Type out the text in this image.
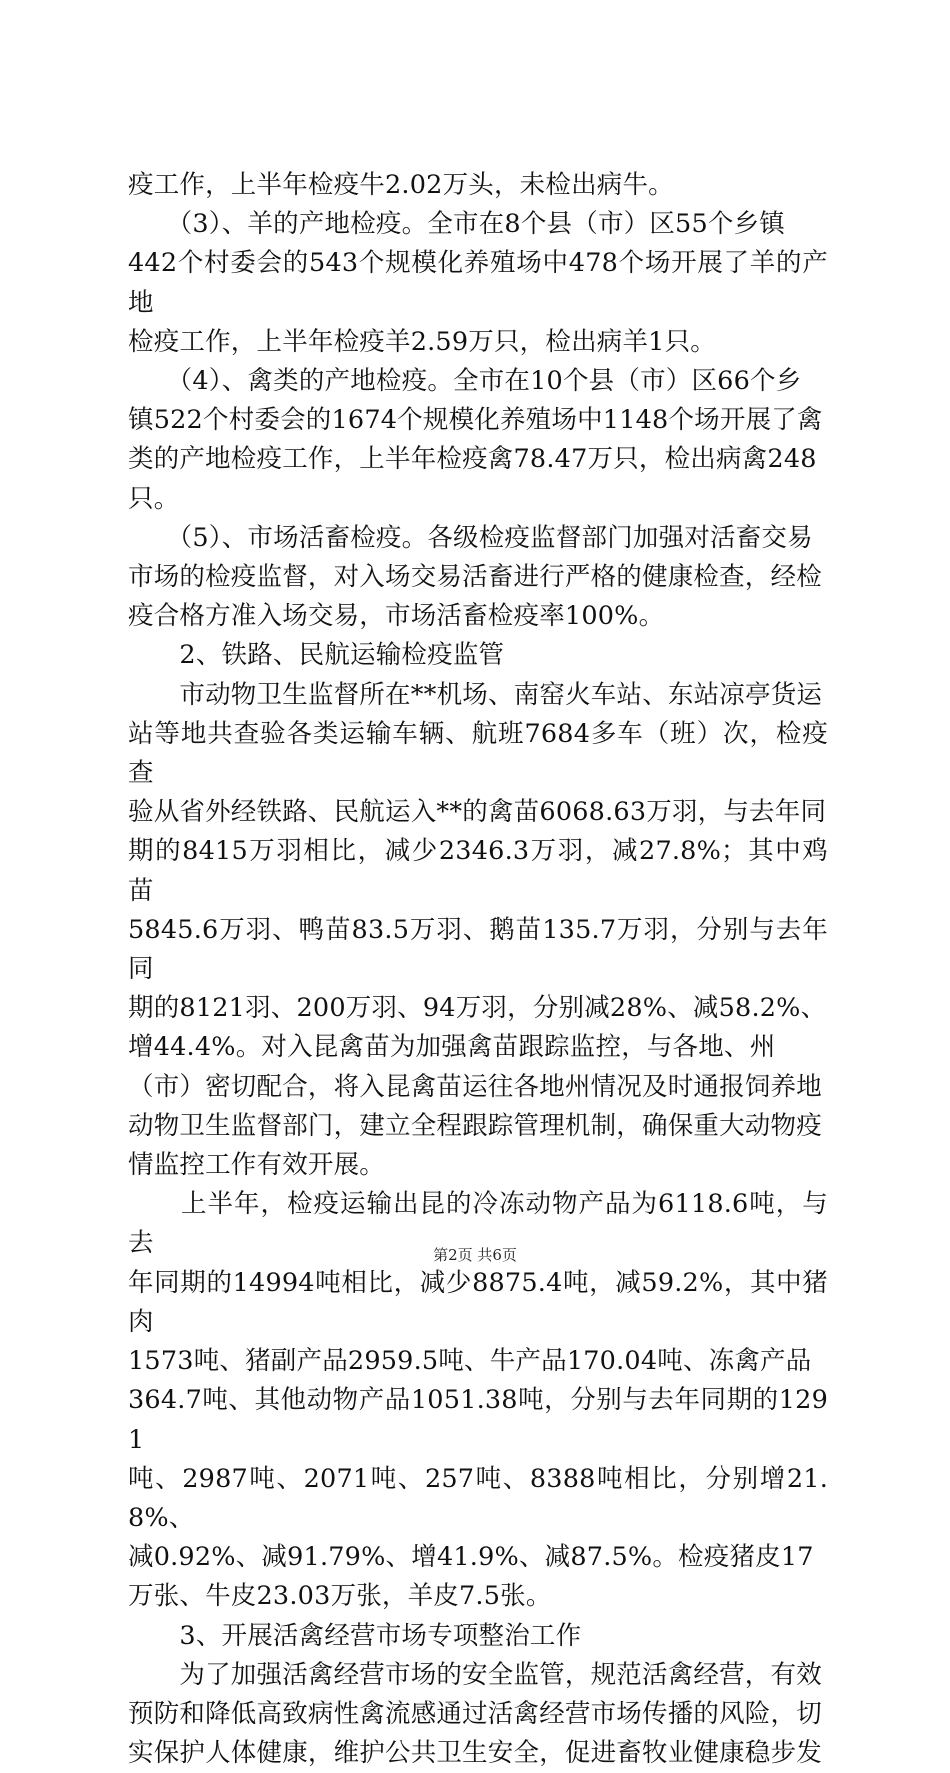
疫工作，上半年检疫牛2.02万头，未检出病牛。

　　（3）、羊的产地检疫。全市在8个县（市）区55个乡镇

442个村委会的543个规模化养殖场中478个场开展了羊的产地

检疫工作，上半年检疫羊2.59万只，检出病羊1只。

　　（4）、禽类的产地检疫。全市在10个县（市）区66个乡

镇522个村委会的1674个规模化养殖场中1148个场开展了禽

类的产地检疫工作，上半年检疫禽78.47万只，检出病禽248

只。

　　（5）、市场活畜检疫。各级检疫监督部门加强对活畜交易

市场的检疫监督，对入场交易活畜进行严格的健康检查，经检

疫合格方准入场交易，市场活畜检疫率100%。

　　2、铁路、民航运输检疫监管

　　市动物卫生监督所在**机场、南窑火车站、东站凉亭货运

站等地共查验各类运输车辆、航班7684多车（班）次，检疫查

验从省外经铁路、民航运入**的禽苗6068.63万羽，与去年同

期的8415万羽相比，减少2346.3万羽，减27.8%；其中鸡苗

5845.6万羽、鸭苗83.5万羽、鹅苗135.7万羽，分别与去年同

期的8121羽、200万羽、94万羽，分别减28%、减58.2%、

增44.4%。对入昆禽苗为加强禽苗跟踪监控，与各地、州

（市）密切配合，将入昆禽苗运往各地州情况及时通报饲养地

动物卫生监督部门，建立全程跟踪管理机制，确保重大动物疫

情监控工作有效开展。

　　上半年，检疫运输出昆的冷冻动物产品为6118.6吨，与去

年同期的14994吨相比，减少8875.4吨，减59.2%，其中猪肉

1573吨、猪副产品2959.5吨、牛产品170.04吨、冻禽产品

364.7吨、其他动物产品1051.38吨，分别与去年同期的1291

吨、2987吨、2071吨、257吨、8388吨相比，分别增21.8%、

减0.92%、减91.79%、增41.9%、减87.5%。检疫猪皮17

万张、牛皮23.03万张，羊皮7.5张。

　　3、开展活禽经营市场专项整治工作

　　为了加强活禽经营市场的安全监管，规范活禽经营，有效

预防和降低高致病性禽流感通过活禽经营市场传播的风险，切

实保护人体健康，维护公共卫生安全，促进畜牧业健康稳步发

第2页 共6页
